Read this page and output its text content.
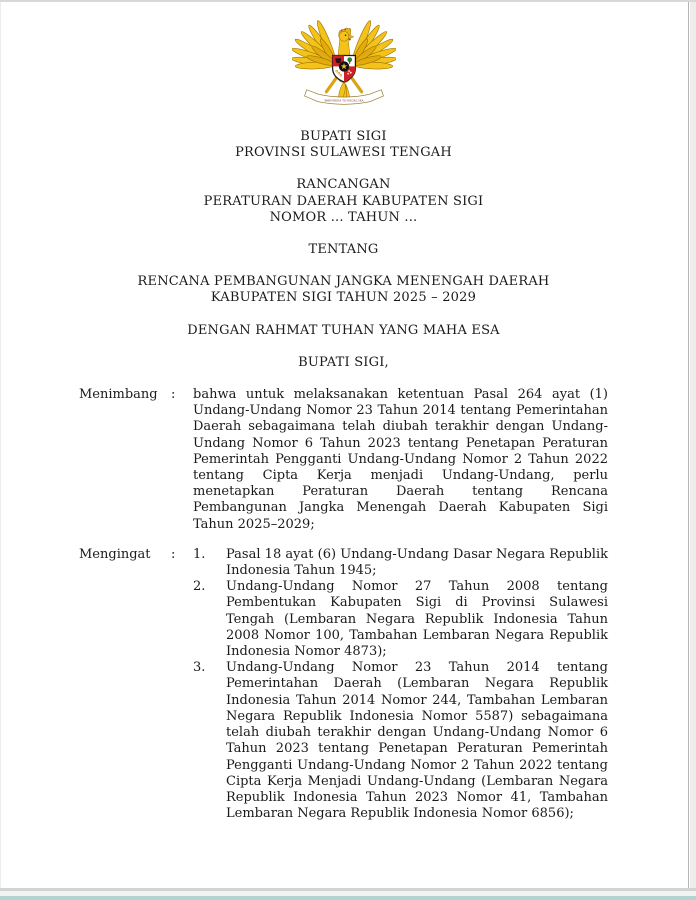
BHINNEKA TUNGGAL IKA
BUPATI SIGI
PROVINSI SULAWESI TENGAH
RANCANGAN
PERATURAN DAERAH KABUPATEN SIGI
NOMOR ... TAHUN ...
TENTANG
RENCANA PEMBANGUNAN JANGKA MENENGAH DAERAH
KABUPATEN SIGI TAHUN 2025 – 2029
DENGAN RAHMAT TUHAN YANG MAHA ESA
BUPATI SIGI,
Menimbang	:	bahwa untuk melaksanakan ketentuan Pasal 264 ayat (1) Undang-Undang Nomor 23 Tahun 2014 tentang Pemerintahan Daerah sebagaimana telah diubah terakhir dengan Undang-Undang Nomor 6 Tahun 2023 tentang Penetapan Peraturan Pemerintah Pengganti Undang-Undang Nomor 2 Tahun 2022 tentang Cipta Kerja menjadi Undang-Undang, perlu menetapkan Peraturan Daerah tentang Rencana Pembangunan Jangka Menengah Daerah Kabupaten Sigi Tahun 2025–2029;
Mengingat	:	1.	Pasal 18 ayat (6) Undang-Undang Dasar Negara Republik Indonesia Tahun 1945;
2.	Undang-Undang Nomor 27 Tahun 2008 tentang Pembentukan Kabupaten Sigi di Provinsi Sulawesi Tengah (Lembaran Negara Republik Indonesia Tahun 2008 Nomor 100, Tambahan Lembaran Negara Republik Indonesia Nomor 4873);
3.	Undang-Undang Nomor 23 Tahun 2014 tentang Pemerintahan Daerah (Lembaran Negara Republik Indonesia Tahun 2014 Nomor 244, Tambahan Lembaran Negara Republik Indonesia Nomor 5587) sebagaimana telah diubah terakhir dengan Undang-Undang Nomor 6 Tahun 2023 tentang Penetapan Peraturan Pemerintah Pengganti Undang-Undang Nomor 2 Tahun 2022 tentang Cipta Kerja Menjadi Undang-Undang (Lembaran Negara Republik Indonesia Tahun 2023 Nomor 41, Tambahan Lembaran Negara Republik Indonesia Nomor 6856);
